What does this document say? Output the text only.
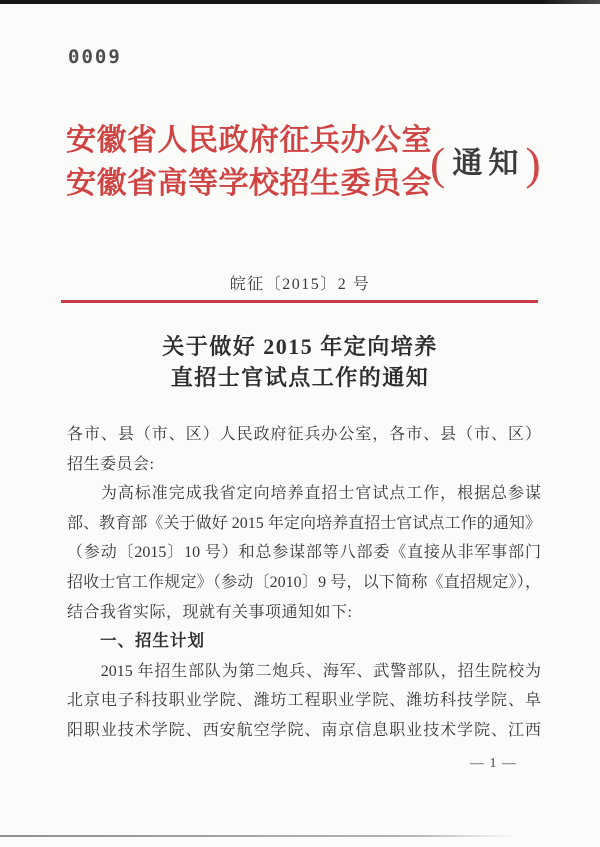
0009
安徽省人民政府征兵办公室
安徽省高等学校招生委员会
( 通知 )
皖征〔2015〕2 号
关于做好 2015 年定向培养
直招士官试点工作的通知
各市、县（市、区）人民政府征兵办公室，各市、县（市、区）
招生委员会:
　　为高标准完成我省定向培养直招士官试点工作，根据总参谋
部、教育部《关于做好 2015 年定向培养直招士官试点工作的通知》
（参动〔2015〕10 号）和总参谋部等八部委《直接从非军事部门
招收士官工作规定》（参动〔2010〕9 号，以下简称《直招规定》），
结合我省实际，现就有关事项通知如下:
一、招生计划
　　2015 年招生部队为第二炮兵、海军、武警部队，招生院校为
北京电子科技职业学院、潍坊工程职业学院、潍坊科技学院、阜
阳职业技术学院、西安航空学院、南京信息职业技术学院、江西
— 1 —
